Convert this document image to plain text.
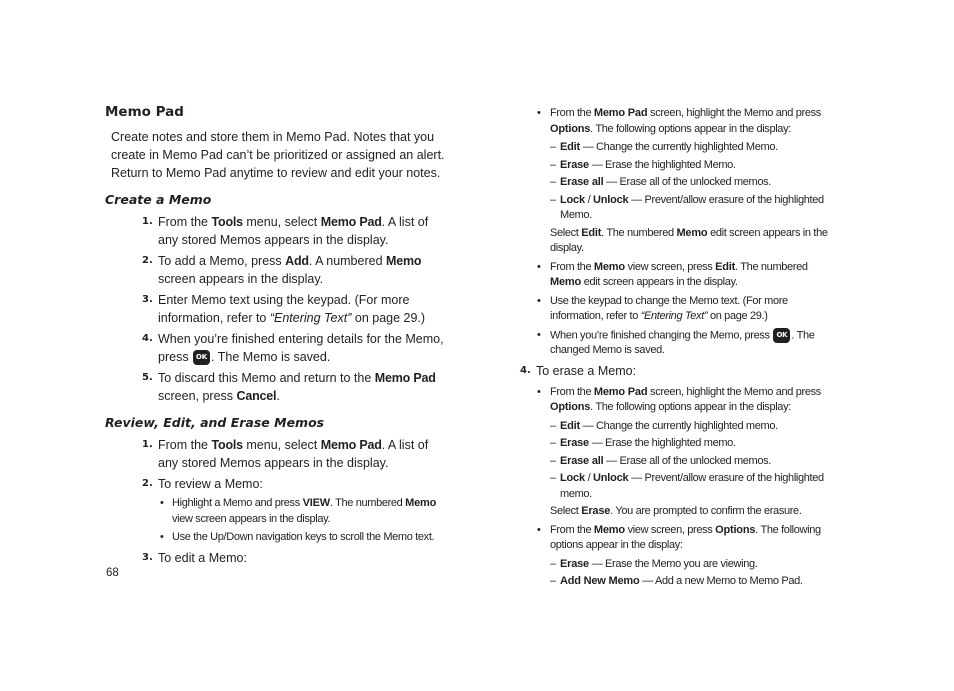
Memo Pad

Create notes and store them in Memo Pad. Notes that you create in Memo Pad can’t be prioritized or assigned an alert. Return to Memo Pad anytime to review and edit your notes.

Create a Memo
1. From the Tools menu, select Memo Pad. A list of any stored Memos appears in the display.
2. To add a Memo, press Add. A numbered Memo screen appears in the display.
3. Enter Memo text using the keypad. (For more information, refer to “Entering Text” on page 29.)
4. When you’re finished entering details for the Memo, press OK . The Memo is saved.
5. To discard this Memo and return to the Memo Pad screen, press Cancel.
Review, Edit, and Erase Memos
1. From the Tools menu, select Memo Pad. A list of any stored Memos appears in the display.
2. To review a Memo:
• Highlight a Memo and press VIEW. The numbered Memo view screen appears in the display.
• Use the Up/Down navigation keys to scroll the Memo text.
3. To edit a Memo:
• From the Memo Pad screen, highlight the Memo and press Options. The following options appear in the display:
– Edit — Change the currently highlighted Memo.
– Erase — Erase the highlighted Memo.
– Erase all — Erase all of the unlocked memos.
– Lock / Unlock — Prevent/allow erasure of the highlighted Memo.
Select Edit. The numbered Memo edit screen appears in the display.
• From the Memo view screen, press Edit. The numbered Memo edit screen appears in the display.
• Use the keypad to change the Memo text. (For more information, refer to “Entering Text” on page 29.)
• When you’re finished changing the Memo, press OK . The changed Memo is saved.
4. To erase a Memo:
• From the Memo Pad screen, highlight the Memo and press Options. The following options appear in the display:
– Edit — Change the currently highlighted memo.
– Erase — Erase the highlighted memo.
– Erase all — Erase all of the unlocked memos.
– Lock / Unlock — Prevent/allow erasure of the highlighted memo.
Select Erase. You are prompted to confirm the erasure.
• From the Memo view screen, press Options. The following options appear in the display:
– Erase — Erase the Memo you are viewing.
– Add New Memo — Add a new Memo to Memo Pad.
68
